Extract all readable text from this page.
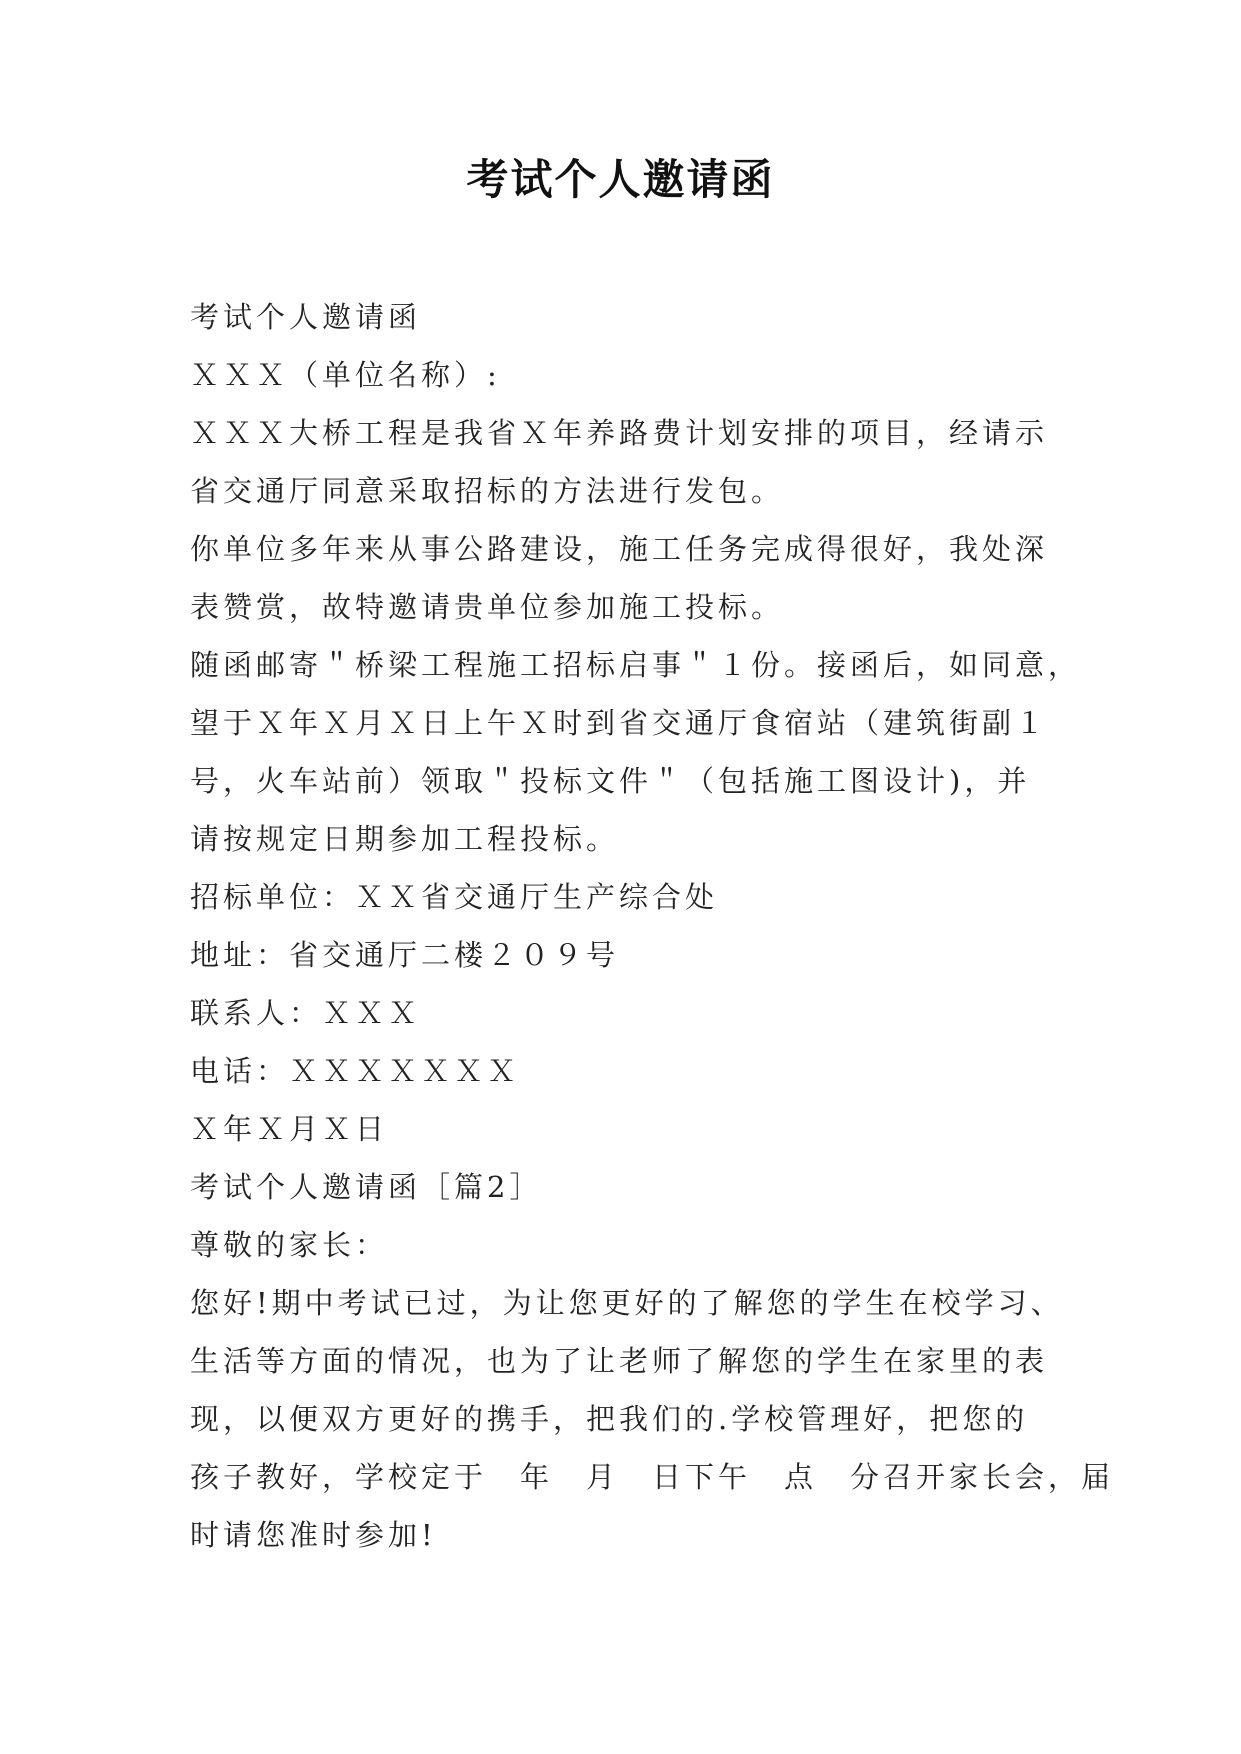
考试个人邀请函
考试个人邀请函
ＸＸＸ（单位名称）:
ＸＸＸ大桥工程是我省Ｘ年养路费计划安排的项目，经请示
省交通厅同意采取招标的方法进行发包。
你单位多年来从事公路建设，施工任务完成得很好，我处深
表赞赏，故特邀请贵单位参加施工投标。
随函邮寄＂桥梁工程施工招标启事＂１份。接函后，如同意，
望于Ｘ年Ｘ月Ｘ日上午Ｘ时到省交通厅食宿站（建筑街副１
号，火车站前）领取＂投标文件＂（包括施工图设计)，并
请按规定日期参加工程投标。
招标单位：ＸＸ省交通厅生产综合处
地址：省交通厅二楼２０９号
联系人：ＸＸＸ
电话：ＸＸＸＸＸＸＸ
Ｘ年Ｘ月Ｘ日
考试个人邀请函［篇2］
尊敬的家长：
您好!期中考试已过，为让您更好的了解您的学生在校学习、
生活等方面的情况，也为了让老师了解您的学生在家里的表
现，以便双方更好的携手，把我们的.学校管理好，把您的
孩子教好，学校定于　年　月　日下午　点　分召开家长会，届
时请您准时参加!
